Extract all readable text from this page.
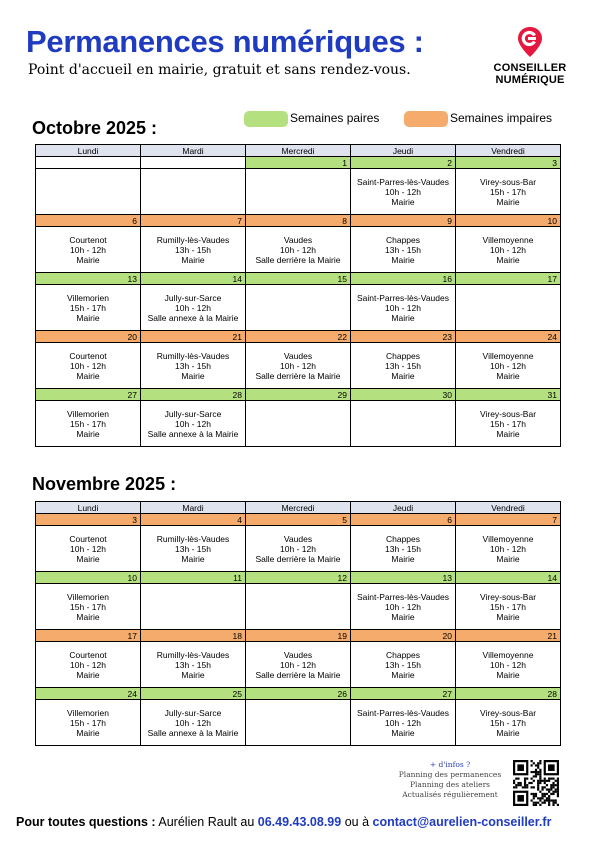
Permanences numériques :
Point d'accueil en mairie, gratuit et sans rendez-vous.	CONSEILLER
NUMÉRIQUE
Semaines paires	Semaines impaires
Octobre 2025 :
Novembre 2025 :
Lundi	Mardi	Mercredi	Jeudi	Vendredi
		1	2	3

			Saint-Parres-lès-Vaudes
10h - 12h
Mairie	Virey-sous-Bar
15h - 17h
Mairie

6	7	8	9	10

Courtenot
10h - 12h
Mairie	Rumilly-lès-Vaudes
13h - 15h
Mairie	Vaudes
10h - 12h
Salle derrière la Mairie	Chappes
13h - 15h
Mairie	Villemoyenne
10h - 12h
Mairie

13	14	15	16	17

Villemorien
15h - 17h
Mairie	Jully-sur-Sarce
10h - 12h
Salle annexe à la Mairie		Saint-Parres-lès-Vaudes
10h - 12h
Mairie	

20	21	22	23	24

Courtenot
10h - 12h
Mairie	Rumilly-lès-Vaudes
13h - 15h
Mairie	Vaudes
10h - 12h
Salle derrière la Mairie	Chappes
13h - 15h
Mairie	Villemoyenne
10h - 12h
Mairie

27	28	29	30	31

Villemorien
15h - 17h
Mairie	Jully-sur-Sarce
10h - 12h
Salle annexe à la Mairie			Virey-sous-Bar
15h - 17h
Mairie
Lundi	Mardi	Mercredi	Jeudi	Vendredi
3	4	5	6	7

Courtenot
10h - 12h
Mairie	Rumilly-lès-Vaudes
13h - 15h
Mairie	Vaudes
10h - 12h
Salle derrière la Mairie	Chappes
13h - 15h
Mairie	Villemoyenne
10h - 12h
Mairie

10	11	12	13	14

Villemorien
15h - 17h
Mairie			Saint-Parres-lès-Vaudes
10h - 12h
Mairie	Virey-sous-Bar
15h - 17h
Mairie

17	18	19	20	21

Courtenot
10h - 12h
Mairie	Rumilly-lès-Vaudes
13h - 15h
Mairie	Vaudes
10h - 12h
Salle derrière la Mairie	Chappes
13h - 15h
Mairie	Villemoyenne
10h - 12h
Mairie

24	25	26	27	28

Villemorien
15h - 17h
Mairie	Jully-sur-Sarce
10h - 12h
Salle annexe à la Mairie		Saint-Parres-lès-Vaudes
10h - 12h
Mairie	Virey-sous-Bar
15h - 17h
Mairie
+ d'infos ?
Planning des permanences
Planning des ateliers
Actualisés régulièrement
Pour toutes questions : Aurélien Rault au 06.49.43.08.99 ou à contact@aurelien-conseiller.fr
